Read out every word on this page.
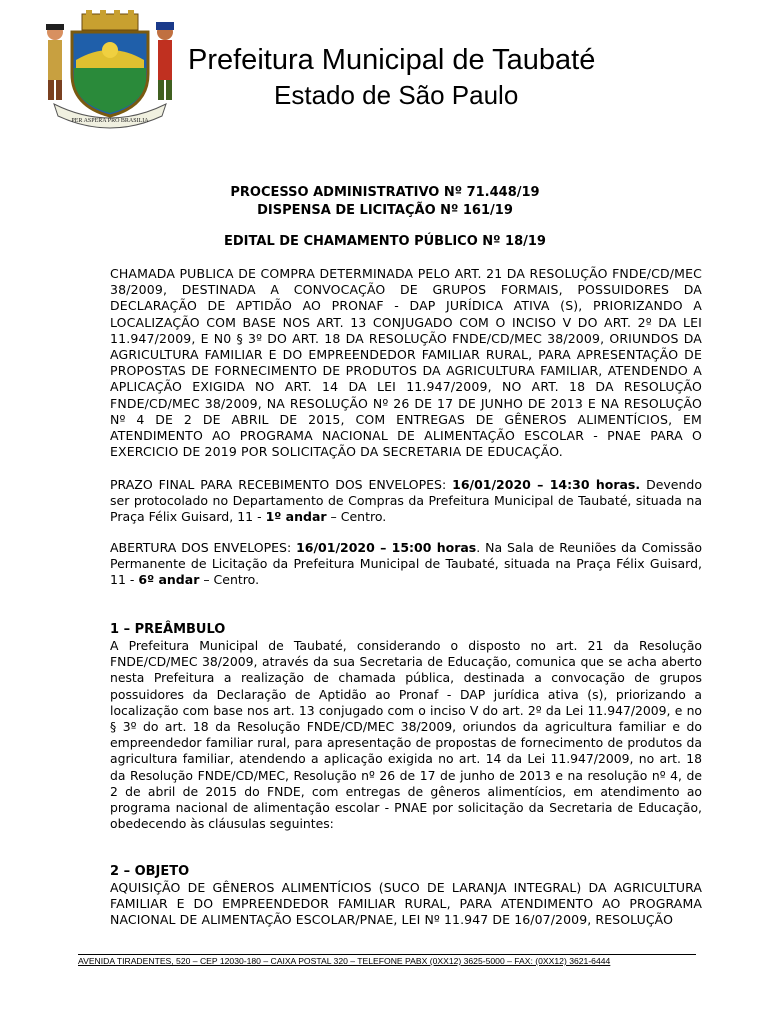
PER ASPERA PRO BRASILIA
Prefeitura Municipal de Taubaté
Estado de São Paulo
PROCESSO ADMINISTRATIVO Nº 71.448/19
DISPENSA DE LICITAÇÃO Nº 161/19
EDITAL DE CHAMAMENTO PÚBLICO Nº 18/19
CHAMADA PUBLICA DE COMPRA DETERMINADA PELO ART. 21 DA RESOLUÇÃO FNDE/CD/MEC 38/2009, DESTINADA A CONVOCAÇÃO DE GRUPOS FORMAIS, POSSUIDORES DA DECLARAÇÃO DE APTIDÃO AO PRONAF - DAP JURÍDICA ATIVA (S), PRIORIZANDO A LOCALIZAÇÃO COM BASE NOS ART. 13 CONJUGADO COM O INCISO V DO ART. 2º DA LEI 11.947/2009, E N0 § 3º DO ART. 18 DA RESOLUÇÃO FNDE/CD/MEC 38/2009, ORIUNDOS DA AGRICULTURA FAMILIAR E DO EMPREENDEDOR FAMILIAR RURAL, PARA APRESENTAÇÃO DE PROPOSTAS DE FORNECIMENTO DE PRODUTOS DA AGRICULTURA FAMILIAR, ATENDENDO A APLICAÇÃO EXIGIDA NO ART. 14 DA LEI 11.947/2009, NO ART. 18 DA RESOLUÇÃO FNDE/CD/MEC 38/2009, NA RESOLUÇÃO Nº 26 DE 17 DE JUNHO DE 2013 E NA RESOLUÇÃO Nº 4 DE 2 DE ABRIL DE 2015, COM ENTREGAS DE GÊNEROS ALIMENTÍCIOS, EM ATENDIMENTO AO PROGRAMA NACIONAL DE ALIMENTAÇÃO ESCOLAR - PNAE PARA O EXERCICIO DE 2019 POR SOLICITAÇÃO DA SECRETARIA DE EDUCAÇÃO.
PRAZO FINAL PARA RECEBIMENTO DOS ENVELOPES: 16/01/2020 – 14:30 horas. Devendo ser protocolado no Departamento de Compras da Prefeitura Municipal de Taubaté, situada na Praça Félix Guisard, 11 - 1º andar – Centro.
ABERTURA DOS ENVELOPES: 16/01/2020 – 15:00 horas. Na Sala de Reuniões da Comissão Permanente de Licitação da Prefeitura Municipal de Taubaté, situada na Praça Félix Guisard, 11 - 6º andar – Centro.
1 – PREÂMBULO
A Prefeitura Municipal de Taubaté, considerando o disposto no art. 21 da Resolução FNDE/CD/MEC 38/2009, através da sua Secretaria de Educação, comunica que se acha aberto nesta Prefeitura a realização de chamada pública, destinada a convocação de grupos possuidores da Declaração de Aptidão ao Pronaf - DAP jurídica ativa (s), priorizando a localização com base nos art. 13 conjugado com o inciso V do art. 2º da Lei 11.947/2009, e no § 3º do art. 18 da Resolução FNDE/CD/MEC 38/2009, oriundos da agricultura familiar e do empreendedor familiar rural, para apresentação de propostas de fornecimento de produtos da agricultura familiar, atendendo a aplicação exigida no art. 14 da Lei 11.947/2009, no art. 18 da Resolução FNDE/CD/MEC, Resolução nº 26 de 17 de junho de 2013 e na resolução nº 4, de 2 de abril de 2015 do FNDE, com entregas de gêneros alimentícios, em atendimento ao programa nacional de alimentação escolar - PNAE por solicitação da Secretaria de Educação, obedecendo às cláusulas seguintes:
2 – OBJETO
AQUISIÇÃO DE GÊNEROS ALIMENTÍCIOS (SUCO DE LARANJA INTEGRAL) DA AGRICULTURA FAMILIAR E DO EMPREENDEDOR FAMILIAR RURAL, PARA ATENDIMENTO AO PROGRAMA NACIONAL DE ALIMENTAÇÃO ESCOLAR/PNAE, LEI Nº 11.947 DE 16/07/2009, RESOLUÇÃO
AVENIDA TIRADENTES, 520 – CEP 12030-180 – CAIXA POSTAL 320 – TELEFONE PABX (0XX12) 3625-5000 – FAX: (0XX12) 3621-6444
